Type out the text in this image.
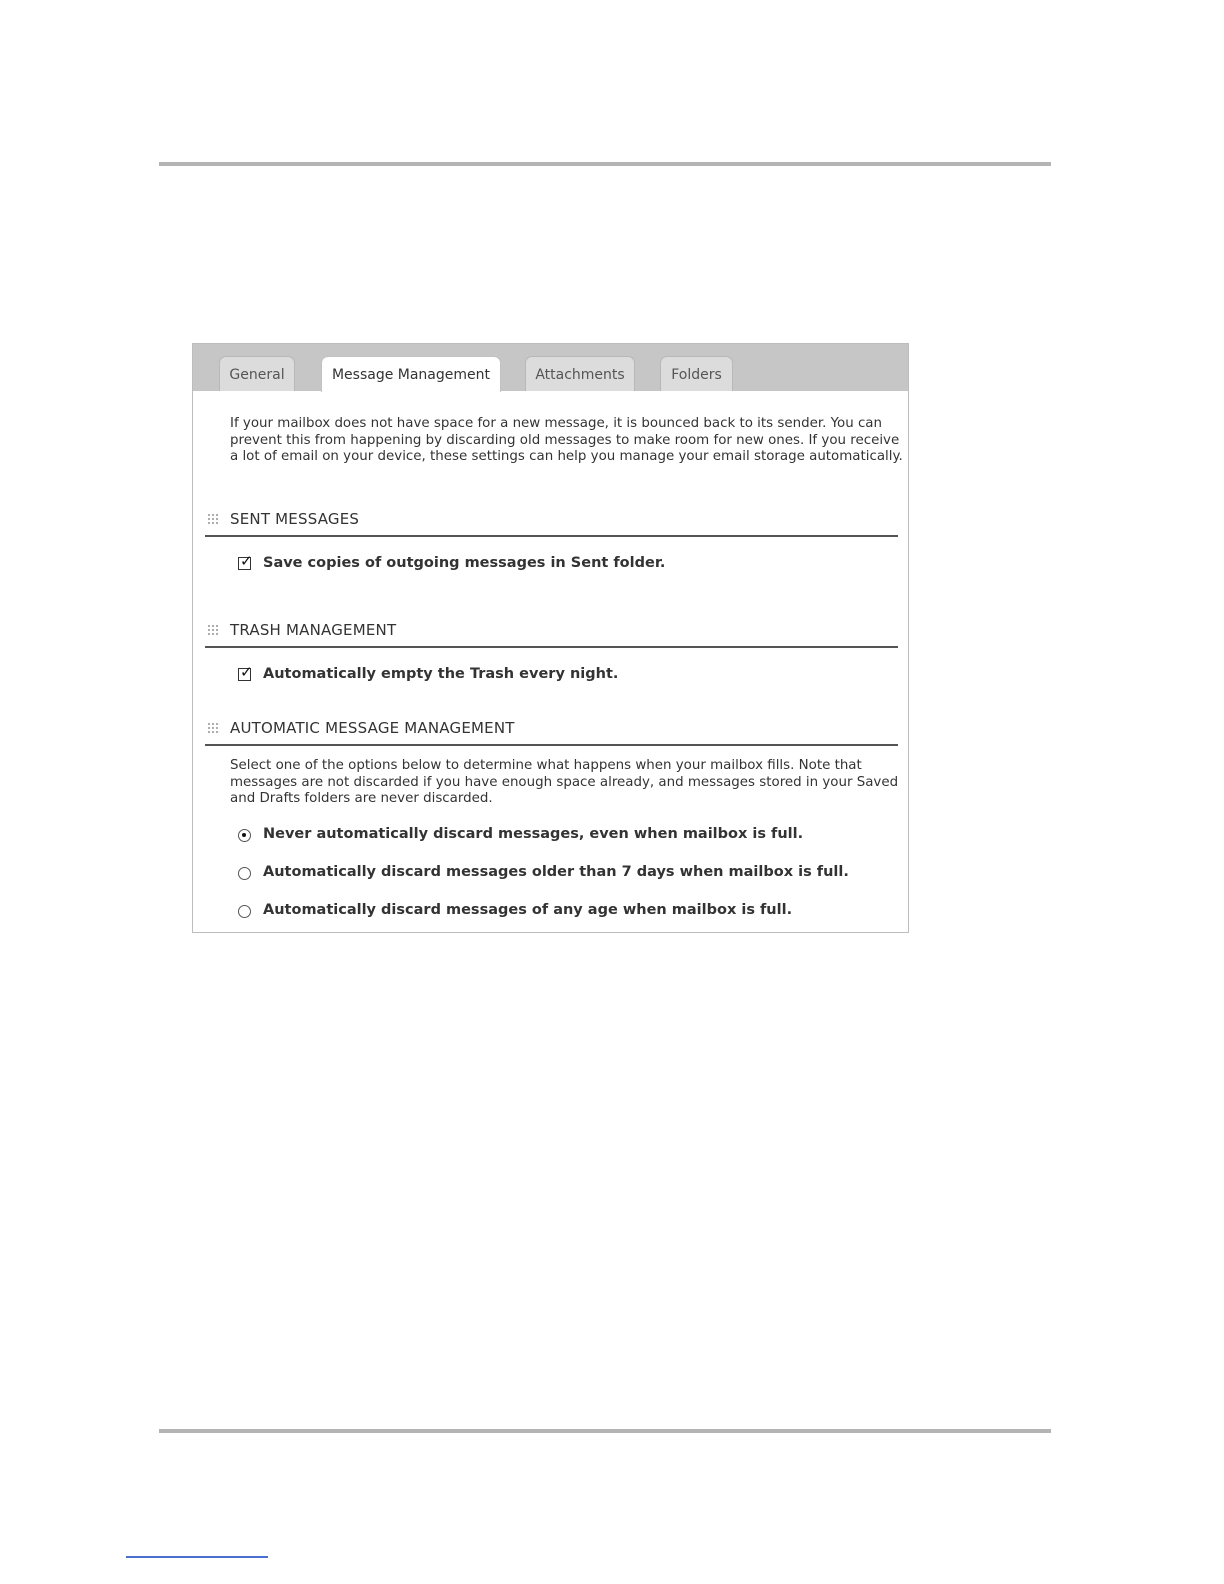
General	Message Management	Attachments	Folders
If your mailbox does not have space for a new message, it is bounced back to its sender. You can prevent this from happening by discarding old messages to make room for new ones. If you receive a lot of email on your device, these settings can help you manage your email storage automatically.
SENT MESSAGES
✓ Save copies of outgoing messages in Sent folder.
TRASH MANAGEMENT
✓ Automatically empty the Trash every night.
AUTOMATIC MESSAGE MANAGEMENT
Select one of the options below to determine what happens when your mailbox fills. Note that messages are not discarded if you have enough space already, and messages stored in your Saved and Drafts folders are never discarded.
Never automatically discard messages, even when mailbox is full.
Automatically discard messages older than 7 days when mailbox is full.
Automatically discard messages of any age when mailbox is full.
